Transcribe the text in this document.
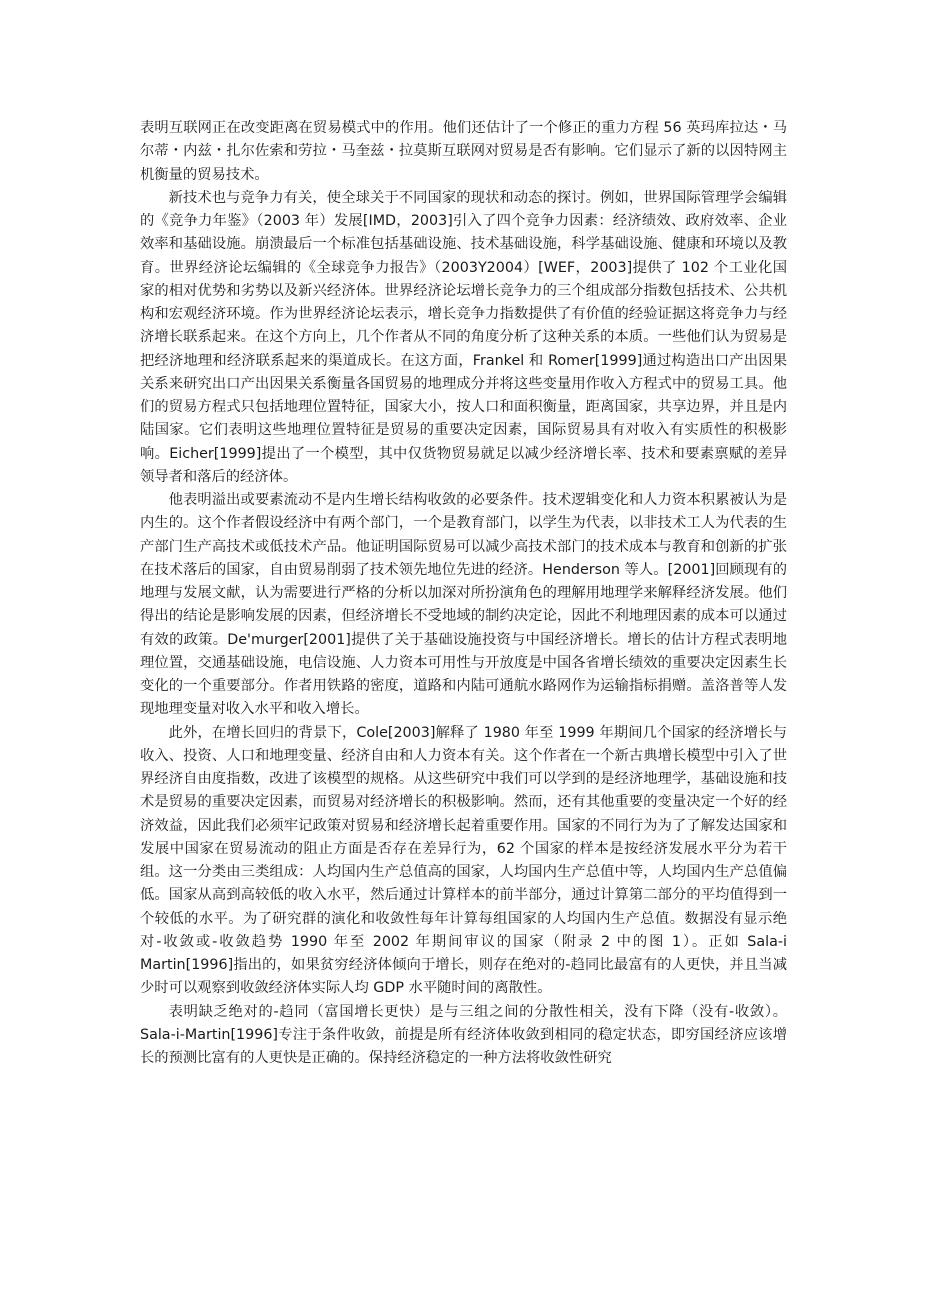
表明互联网正在改变距离在贸易模式中的作用。他们还估计了一个修正的重力方程 56 英玛库拉达・马尔蒂・内兹・扎尔佐索和劳拉・马奎兹・拉莫斯互联网对贸易是否有影响。它们显示了新的以因特网主机衡量的贸易技术。

新技术也与竞争力有关，使全球关于不同国家的现状和动态的探讨。例如，世界国际管理学会编辑的《竞争力年鉴》（2003 年）发展[IMD，2003]引入了四个竞争力因素：经济绩效、政府效率、企业效率和基础设施。崩溃最后一个标准包括基础设施、技术基础设施，科学基础设施、健康和环境以及教育。世界经济论坛编辑的《全球竞争力报告》（2003Y2004）[WEF，2003]提供了 102 个工业化国家的相对优势和劣势以及新兴经济体。世界经济论坛增长竞争力的三个组成部分指数包括技术、公共机构和宏观经济环境。作为世界经济论坛表示，增长竞争力指数提供了有价值的经验证据这将竞争力与经济增长联系起来。在这个方向上，几个作者从不同的角度分析了这种关系的本质。一些他们认为贸易是把经济地理和经济联系起来的渠道成长。在这方面，Frankel 和 Romer[1999]通过构造出口产出因果关系来研究出口产出因果关系衡量各国贸易的地理成分并将这些变量用作收入方程式中的贸易工具。他们的贸易方程式只包括地理位置特征，国家大小，按人口和面积衡量，距离国家，共享边界，并且是内陆国家。它们表明这些地理位置特征是贸易的重要决定因素，国际贸易具有对收入有实质性的积极影响。Eicher[1999]提出了一个模型，其中仅货物贸易就足以减少经济增长率、技术和要素禀赋的差异领导者和落后的经济体。

他表明溢出或要素流动不是内生增长结构收敛的必要条件。技术逻辑变化和人力资本积累被认为是内生的。这个作者假设经济中有两个部门，一个是教育部门，以学生为代表，以非技术工人为代表的生产部门生产高技术或低技术产品。他证明国际贸易可以减少高技术部门的技术成本与教育和创新的扩张在技术落后的国家，自由贸易削弱了技术领先地位先进的经济。Henderson 等人。[2001]回顾现有的地理与发展文献，认为需要进行严格的分析以加深对所扮演角色的理解用地理学来解释经济发展。他们得出的结论是影响发展的因素，但经济增长不受地域的制约决定论，因此不利地理因素的成本可以通过有效的政策。De'murger[2001]提供了关于基础设施投资与中国经济增长。增长的估计方程式表明地理位置，交通基础设施，电信设施、人力资本可用性与开放度是中国各省增长绩效的重要决定因素生长变化的一个重要部分。作者用铁路的密度，道路和内陆可通航水路网作为运输指标捐赠。盖洛普等人发现地理变量对收入水平和收入增长。

此外，在增长回归的背景下，Cole[2003]解释了 1980 年至 1999 年期间几个国家的经济增长与收入、投资、人口和地理变量、经济自由和人力资本有关。这个作者在一个新古典增长模型中引入了世界经济自由度指数，改进了该模型的规格。从这些研究中我们可以学到的是经济地理学，基础设施和技术是贸易的重要决定因素，而贸易对经济增长的积极影响。然而，还有其他重要的变量决定一个好的经济效益，因此我们必须牢记政策对贸易和经济增长起着重要作用。国家的不同行为为了了解发达国家和发展中国家在贸易流动的阻止方面是否存在差异行为，62 个国家的样本是按经济发展水平分为若干组。这一分类由三类组成：人均国内生产总值高的国家，人均国内生产总值中等，人均国内生产总值偏低。国家从高到高较低的收入水平，然后通过计算样本的前半部分，通过计算第二部分的平均值得到一个较低的水平。为了研究群的演化和收敛性每年计算每组国家的人均国内生产总值。数据没有显示绝对-收敛或-收敛趋势 1990 年至 2002 年期间审议的国家（附录 2 中的图 1）。正如 Sala-i Martin[1996]指出的，如果贫穷经济体倾向于增长，则存在绝对的-趋同比最富有的人更快，并且当减少时可以观察到收敛经济体实际人均 GDP 水平随时间的离散性。

表明缺乏绝对的-趋同（富国增长更快）是与三组之间的分散性相关，没有下降（没有-收敛）。Sala-i-Martin[1996]专注于条件收敛，前提是所有经济体收敛到相同的稳定状态，即穷国经济应该增长的预测比富有的人更快是正确的。保持经济稳定的一种方法将收敛性研究
